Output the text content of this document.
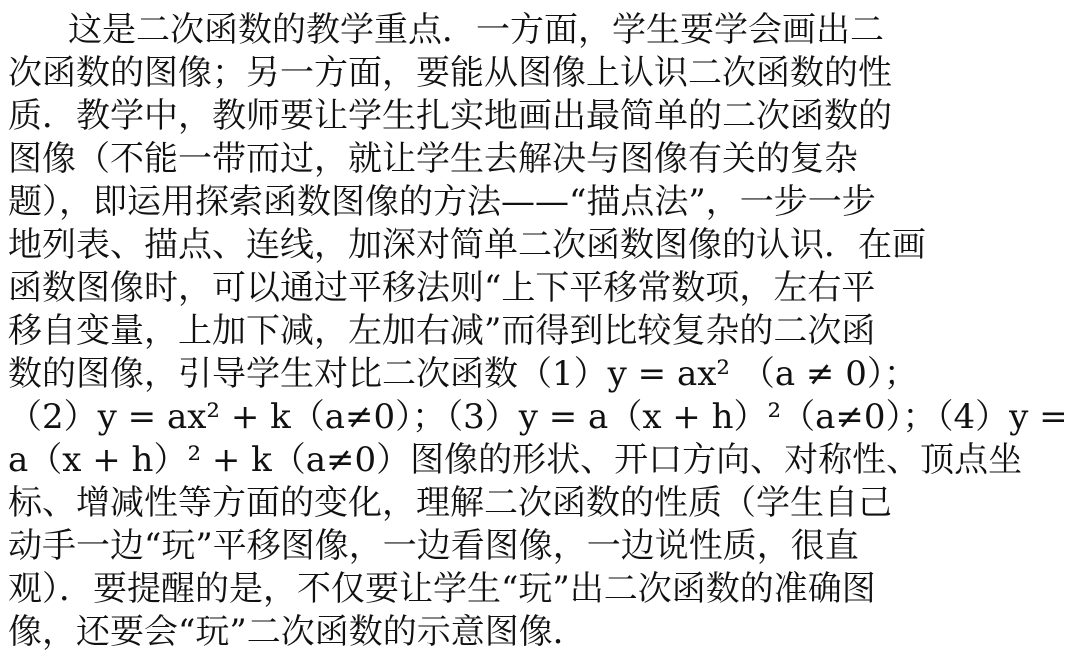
这是二次函数的教学重点．一方面，学生要学会画出二
次函数的图像；另一方面，要能从图像上认识二次函数的性
质．教学中，教师要让学生扎实地画出最简单的二次函数的
图像（不能一带而过，就让学生去解决与图像有关的复杂
题），即运用探索函数图像的方法——“描点法”，一步一步
地列表、描点、连线，加深对简单二次函数图像的认识．在画
函数图像时，可以通过平移法则“上下平移常数项，左右平
移自变量，上加下减，左加右减”而得到比较复杂的二次函
数的图像，引导学生对比二次函数（1）y = ax² （a ≠ 0）；
（2）y = ax² + k（a≠0）；（3）y = a（x + h）²（a≠0）；（4）y =
a（x + h）² + k（a≠0）图像的形状、开口方向、对称性、顶点坐
标、增减性等方面的变化，理解二次函数的性质（学生自己
动手一边“玩”平移图像，一边看图像，一边说性质，很直
观）．要提醒的是，不仅要让学生“玩”出二次函数的准确图
像，还要会“玩”二次函数的示意图像．
